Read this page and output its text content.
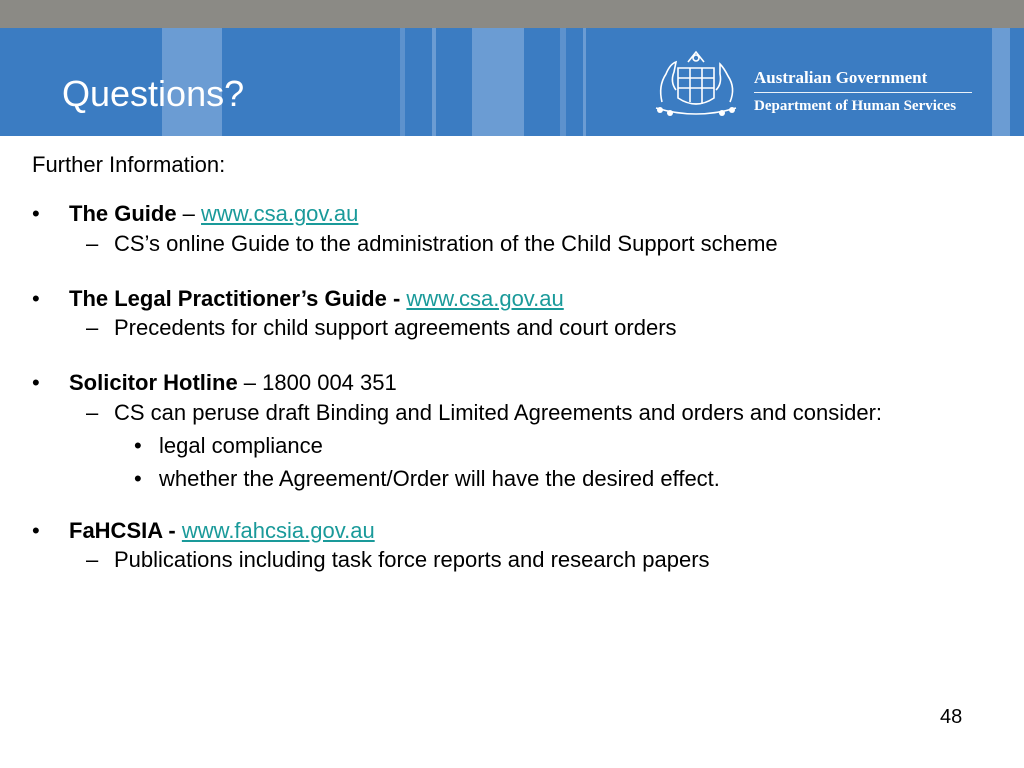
Questions?	Australian Government
Department of Human Services

Further Information:

• The Guide – www.csa.gov.au

– CS’s online Guide to the administration of the Child Support scheme

• The Legal Practitioner’s Guide - www.csa.gov.au

– Precedents for child support agreements and court orders

• Solicitor Hotline – 1800 004 351

– CS can peruse draft Binding and Limited Agreements and orders and consider:

• legal compliance

• whether the Agreement/Order will have the desired effect.

• FaHCSIA - www.fahcsia.gov.au

– Publications including task force reports and research papers

48
